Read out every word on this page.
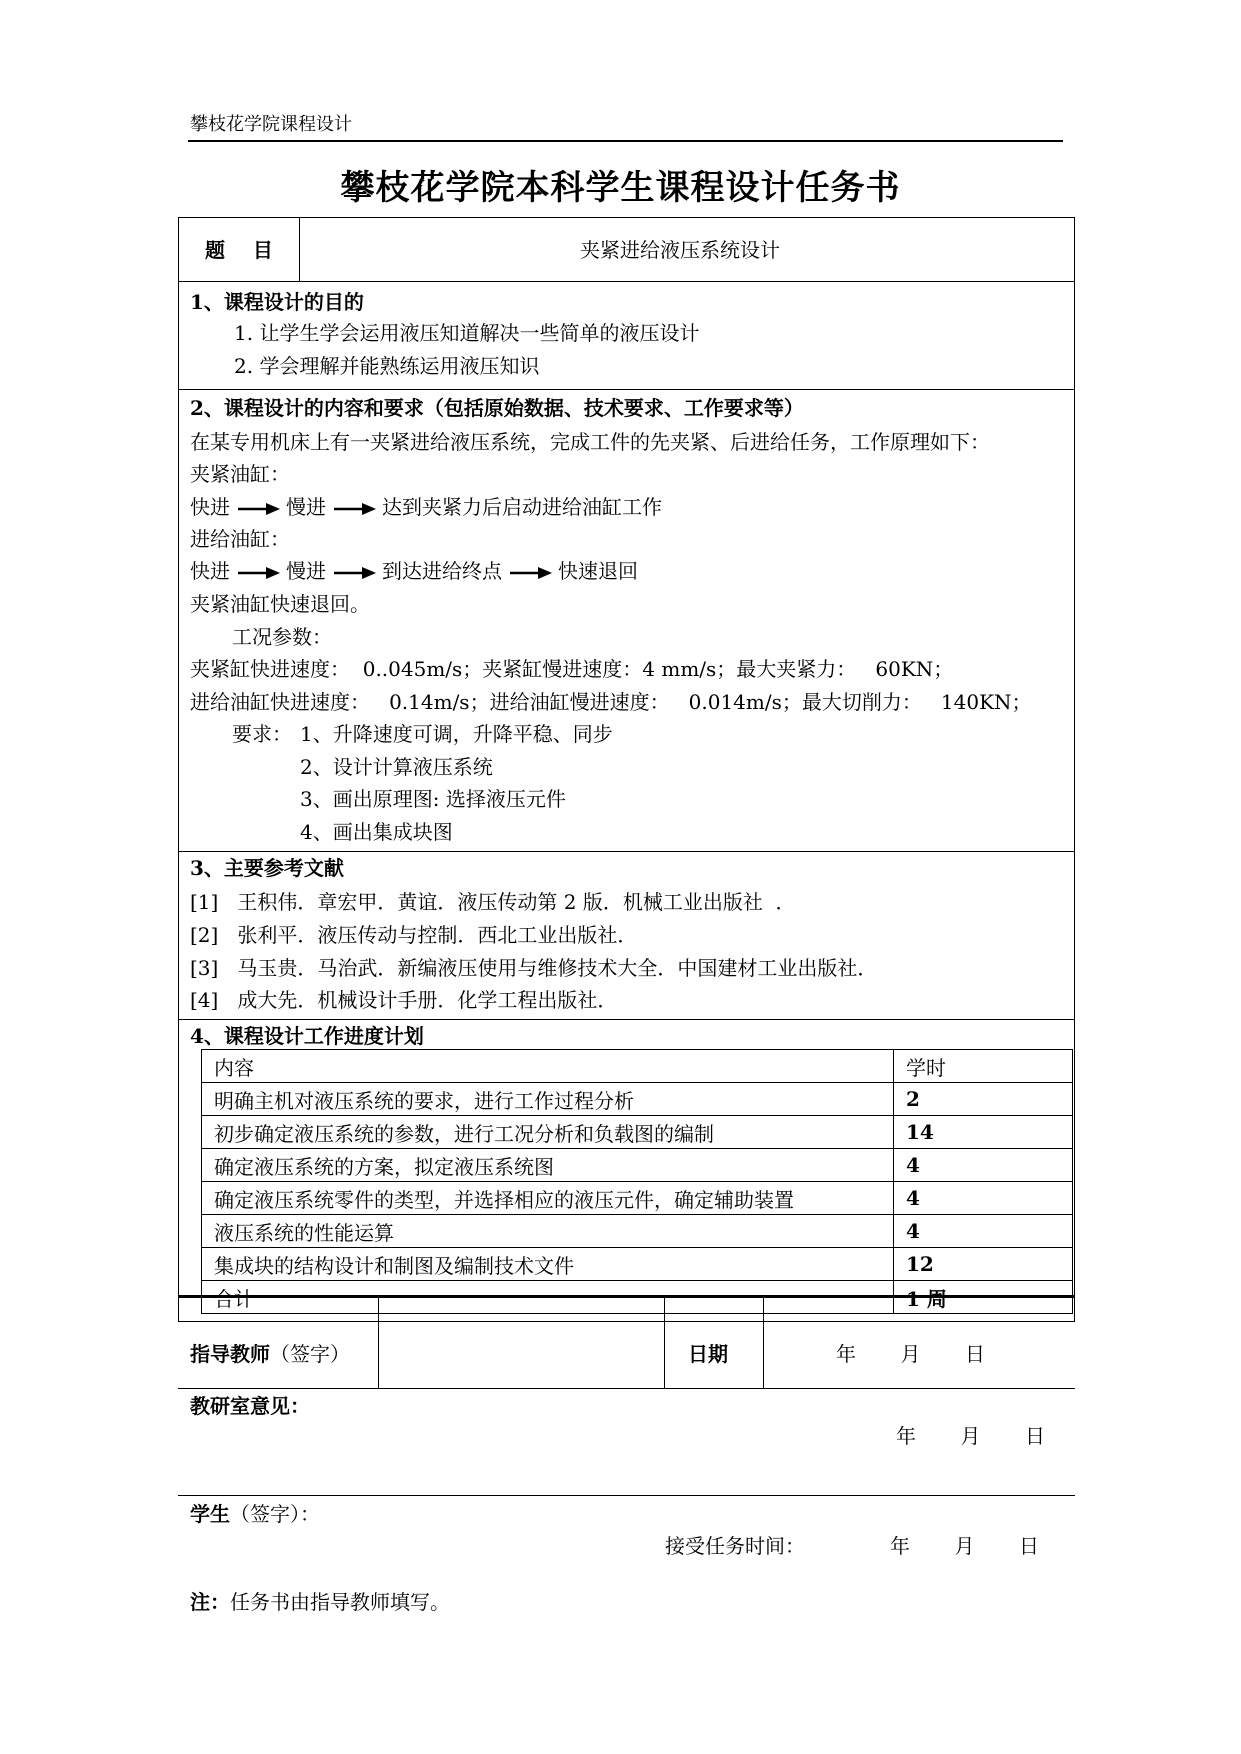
攀枝花学院课程设计
攀枝花学院本科学生课程设计任务书
题    目	夹紧进给液压系统设计
1、课程设计的目的
1. 让学生学会运用液压知道解决一些简单的液压设计
2. 学会理解并能熟练运用液压知识
2、课程设计的内容和要求（包括原始数据、技术要求、工作要求等）
在某专用机床上有一夹紧进给液压系统，完成工件的先夹紧、后进给任务，工作原理如下：
夹紧油缸：
快进	慢进	达到夹紧力后启动进给油缸工作
进给油缸：
快进	慢进	到达进给终点	快速退回
夹紧油缸快速退回。
工况参数：
夹紧缸快进速度：  0..045m/s；夹紧缸慢进速度：4 mm/s；最大夹紧力：   60KN；
进给油缸快进速度：   0.14m/s；进给油缸慢进速度：   0.014m/s；最大切削力：   140KN；
要求： 1、升降速度可调，升降平稳、同步
2、设计计算液压系统
3、画出原理图: 选择液压元件
4、画出集成块图
3、主要参考文献
[1]   王积伟．章宏甲．黄谊．液压传动第 2 版．机械工业出版社  ．
[2]   张利平．液压传动与控制．西北工业出版社．
[3]   马玉贵．马治武．新编液压使用与维修技术大全．中国建材工业出版社．
[4]   成大先．机械设计手册．化学工程出版社．
4、课程设计工作进度计划
内容	学时
明确主机对液压系统的要求，进行工作过程分析	2
初步确定液压系统的参数，进行工况分析和负载图的编制	14
确定液压系统的方案，拟定液压系统图	4
确定液压系统零件的类型，并选择相应的液压元件，确定辅助装置	4
液压系统的性能运算	4
集成块的结构设计和制图及编制技术文件	12
合计	1 周
指导教师（签字）	日期	年       月       日
教研室意见：
年       月       日
学生（签字）：
接受任务时间：	年       月       日
注：任务书由指导教师填写。
